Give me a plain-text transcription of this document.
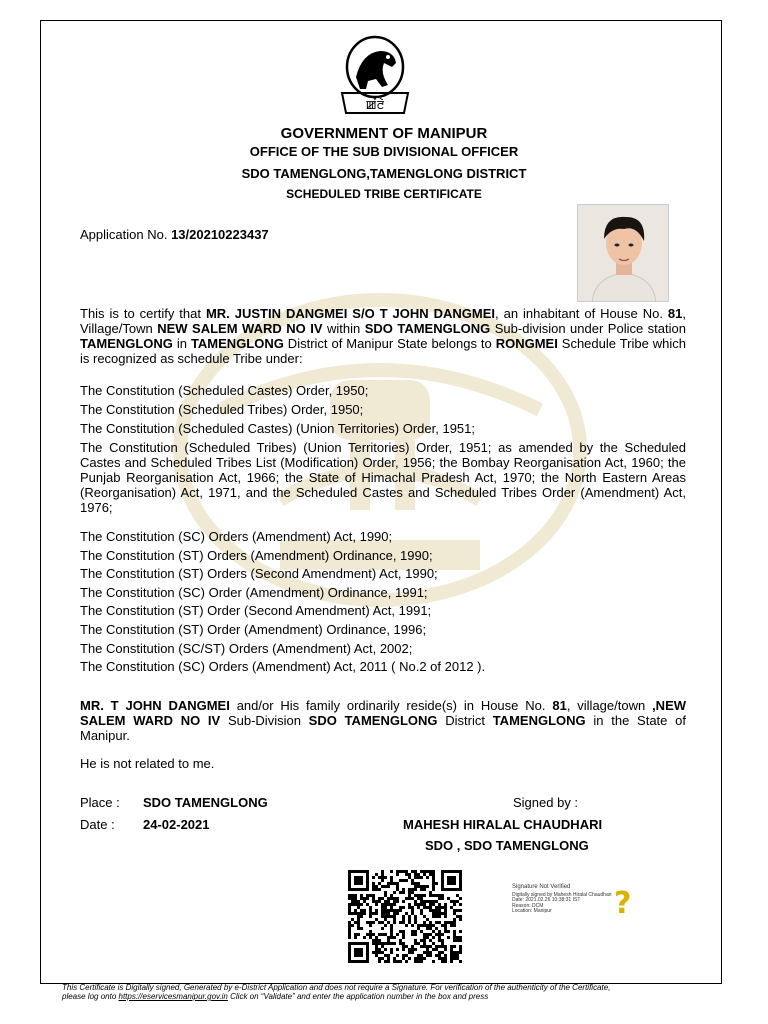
ꯀꯪꯂꯥ
GOVERNMENT OF MANIPUR
OFFICE OF THE SUB DIVISIONAL OFFICER
SDO TAMENGLONG,TAMENGLONG DISTRICT
SCHEDULED TRIBE CERTIFICATE
Application No. 13/20210223437
This is to certify that MR. JUSTIN DANGMEI S/O T JOHN DANGMEI, an inhabitant of House No. 81, Village/Town NEW SALEM WARD NO IV within SDO TAMENGLONG Sub-division under Police station TAMENGLONG in TAMENGLONG District of Manipur State belongs to RONGMEI Schedule Tribe which is recognized as schedule Tribe under:
The Constitution (Scheduled Castes) Order, 1950;
The Constitution (Scheduled Tribes) Order, 1950;
The Constitution (Scheduled Castes) (Union Territories) Order, 1951;
The Constitution (Scheduled Tribes) (Union Territories) Order, 1951; as amended by the Scheduled Castes and Scheduled Tribes List (Modification) Order, 1956; the Bombay Reorganisation Act, 1960; the Punjab Reorganisation Act, 1966; the State of Himachal Pradesh Act, 1970; the North Eastern Areas (Reorganisation) Act, 1971, and the Scheduled Castes and Scheduled Tribes Order (Amendment) Act, 1976;
The Constitution (SC) Orders (Amendment) Act, 1990;
The Constitution (ST) Orders (Amendment) Ordinance, 1990;
The Constitution (ST) Orders (Second Amendment) Act, 1990;
The Constitution (SC) Order (Amendment) Ordinance, 1991;
The Constitution (ST) Order (Second Amendment) Act, 1991;
The Constitution (ST) Order (Amendment) Ordinance, 1996;
The Constitution (SC/ST) Orders (Amendment) Act, 2002;
The Constitution (SC) Orders (Amendment) Act, 2011 ( No.2 of 2012 ).
MR. T JOHN DANGMEI and/or His family ordinarily reside(s) in House No. 81, village/town ,NEW SALEM WARD NO IV Sub-Division SDO TAMENGLONG District TAMENGLONG in the State of Manipur.
He is not related to me.
Place : SDO TAMENGLONG
Date : 24-02-2021
Signed by :
MAHESH HIRALAL CHAUDHARI
SDO , SDO TAMENGLONG
Signature Not Verified
Digitally signed by Mahesh Hiralal Chaudhari
Date: 2021.02.26 10:38:31 IST
Reason: DCM
Location: Manipur	?
This Certificate is Digitally signed, Generated by e-District Application and does not require a Signature. For verification of the authenticity of the Certificate,
please log onto https://eservicesmanipur.gov.in Click on “Validate” and enter the application number in the box and press
